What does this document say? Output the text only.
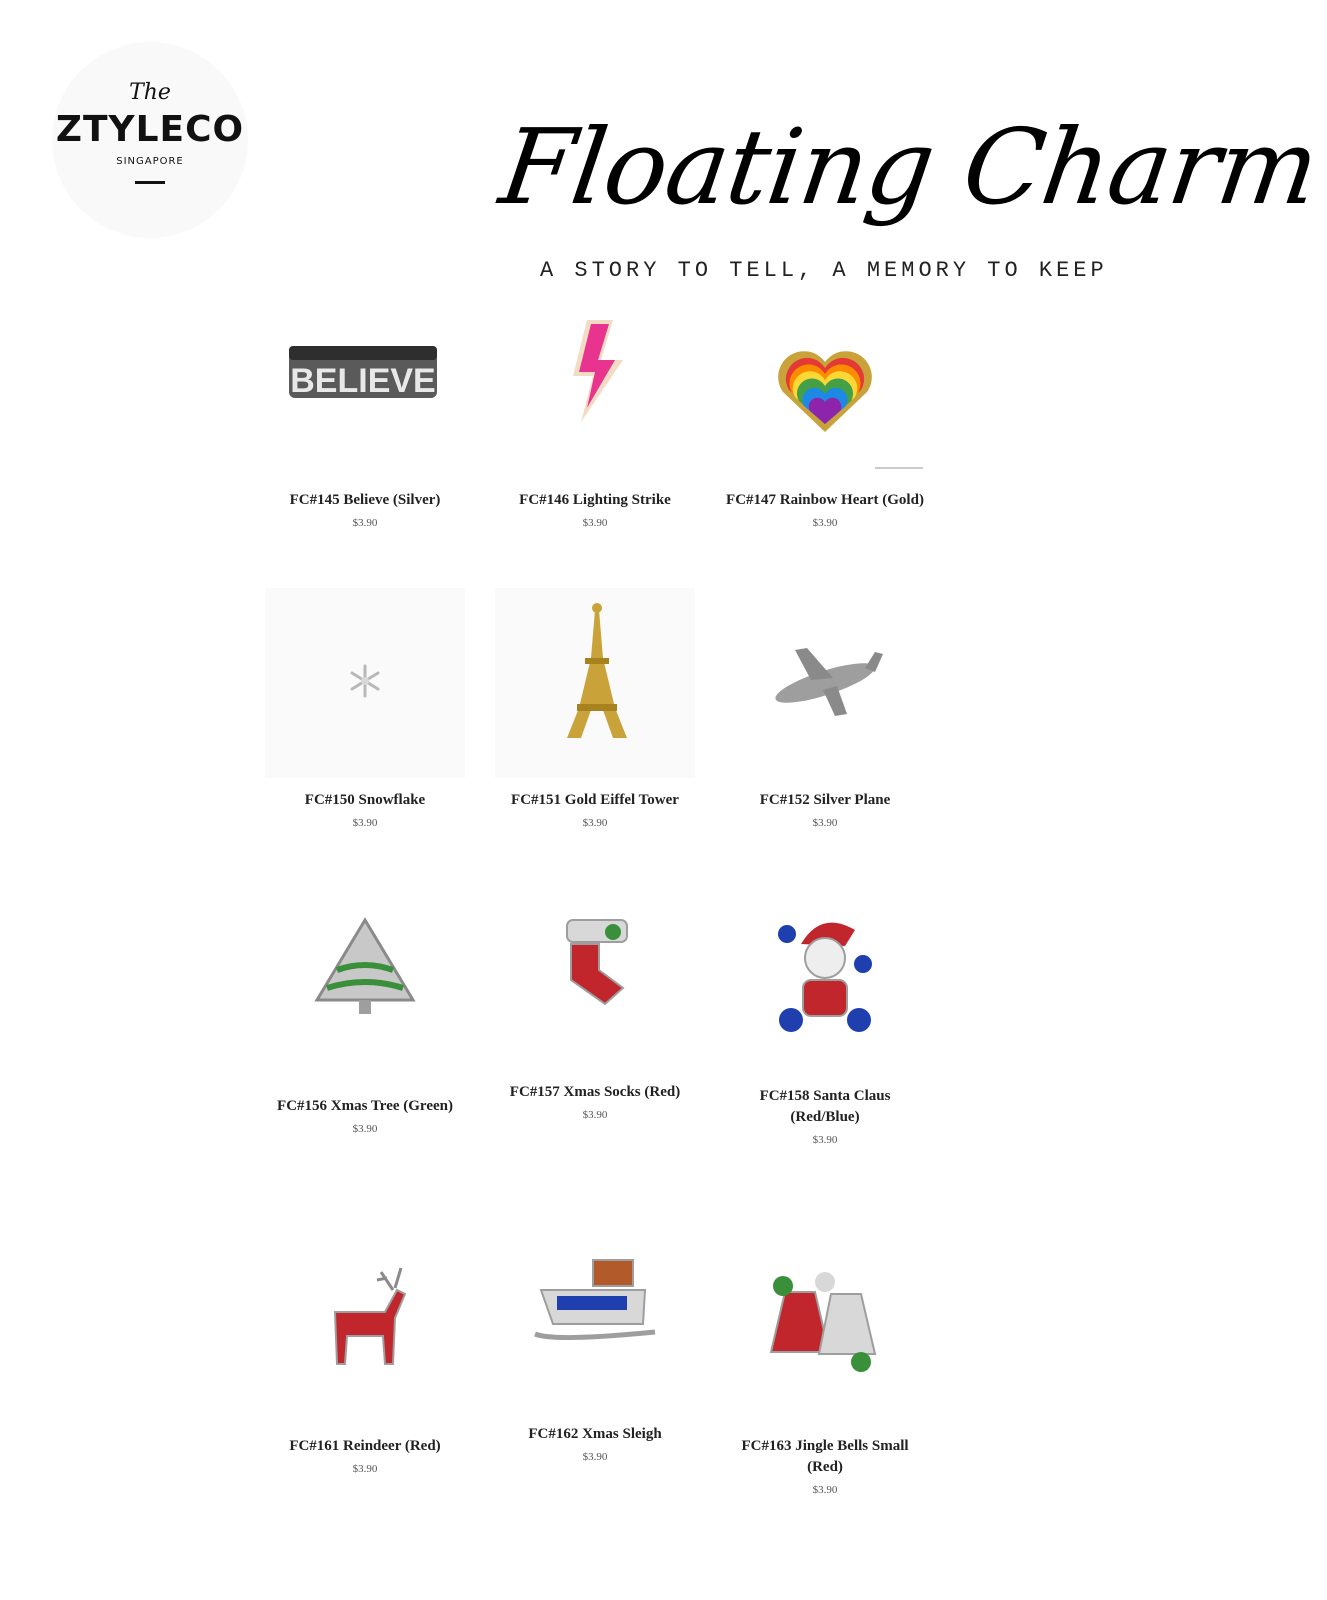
The
ZTYLECO
SINGAPORE	Floating Charm
A STORY TO TELL, A MEMORY TO KEEP
BELIEVE
FC#145 Believe (Silver)
$3.90
FC#146 Lighting Strike
$3.90
FC#147 Rainbow Heart (Gold)
$3.90
FC#150 Snowflake
$3.90
FC#151 Gold Eiffel Tower
$3.90
FC#152 Silver Plane
$3.90
FC#156 Xmas Tree (Green)
$3.90
FC#157 Xmas Socks (Red)
$3.90
FC#158 Santa Claus (Red/Blue)
$3.90
FC#161 Reindeer (Red)
$3.90
FC#162 Xmas Sleigh
$3.90
FC#163 Jingle Bells Small (Red)
$3.90
